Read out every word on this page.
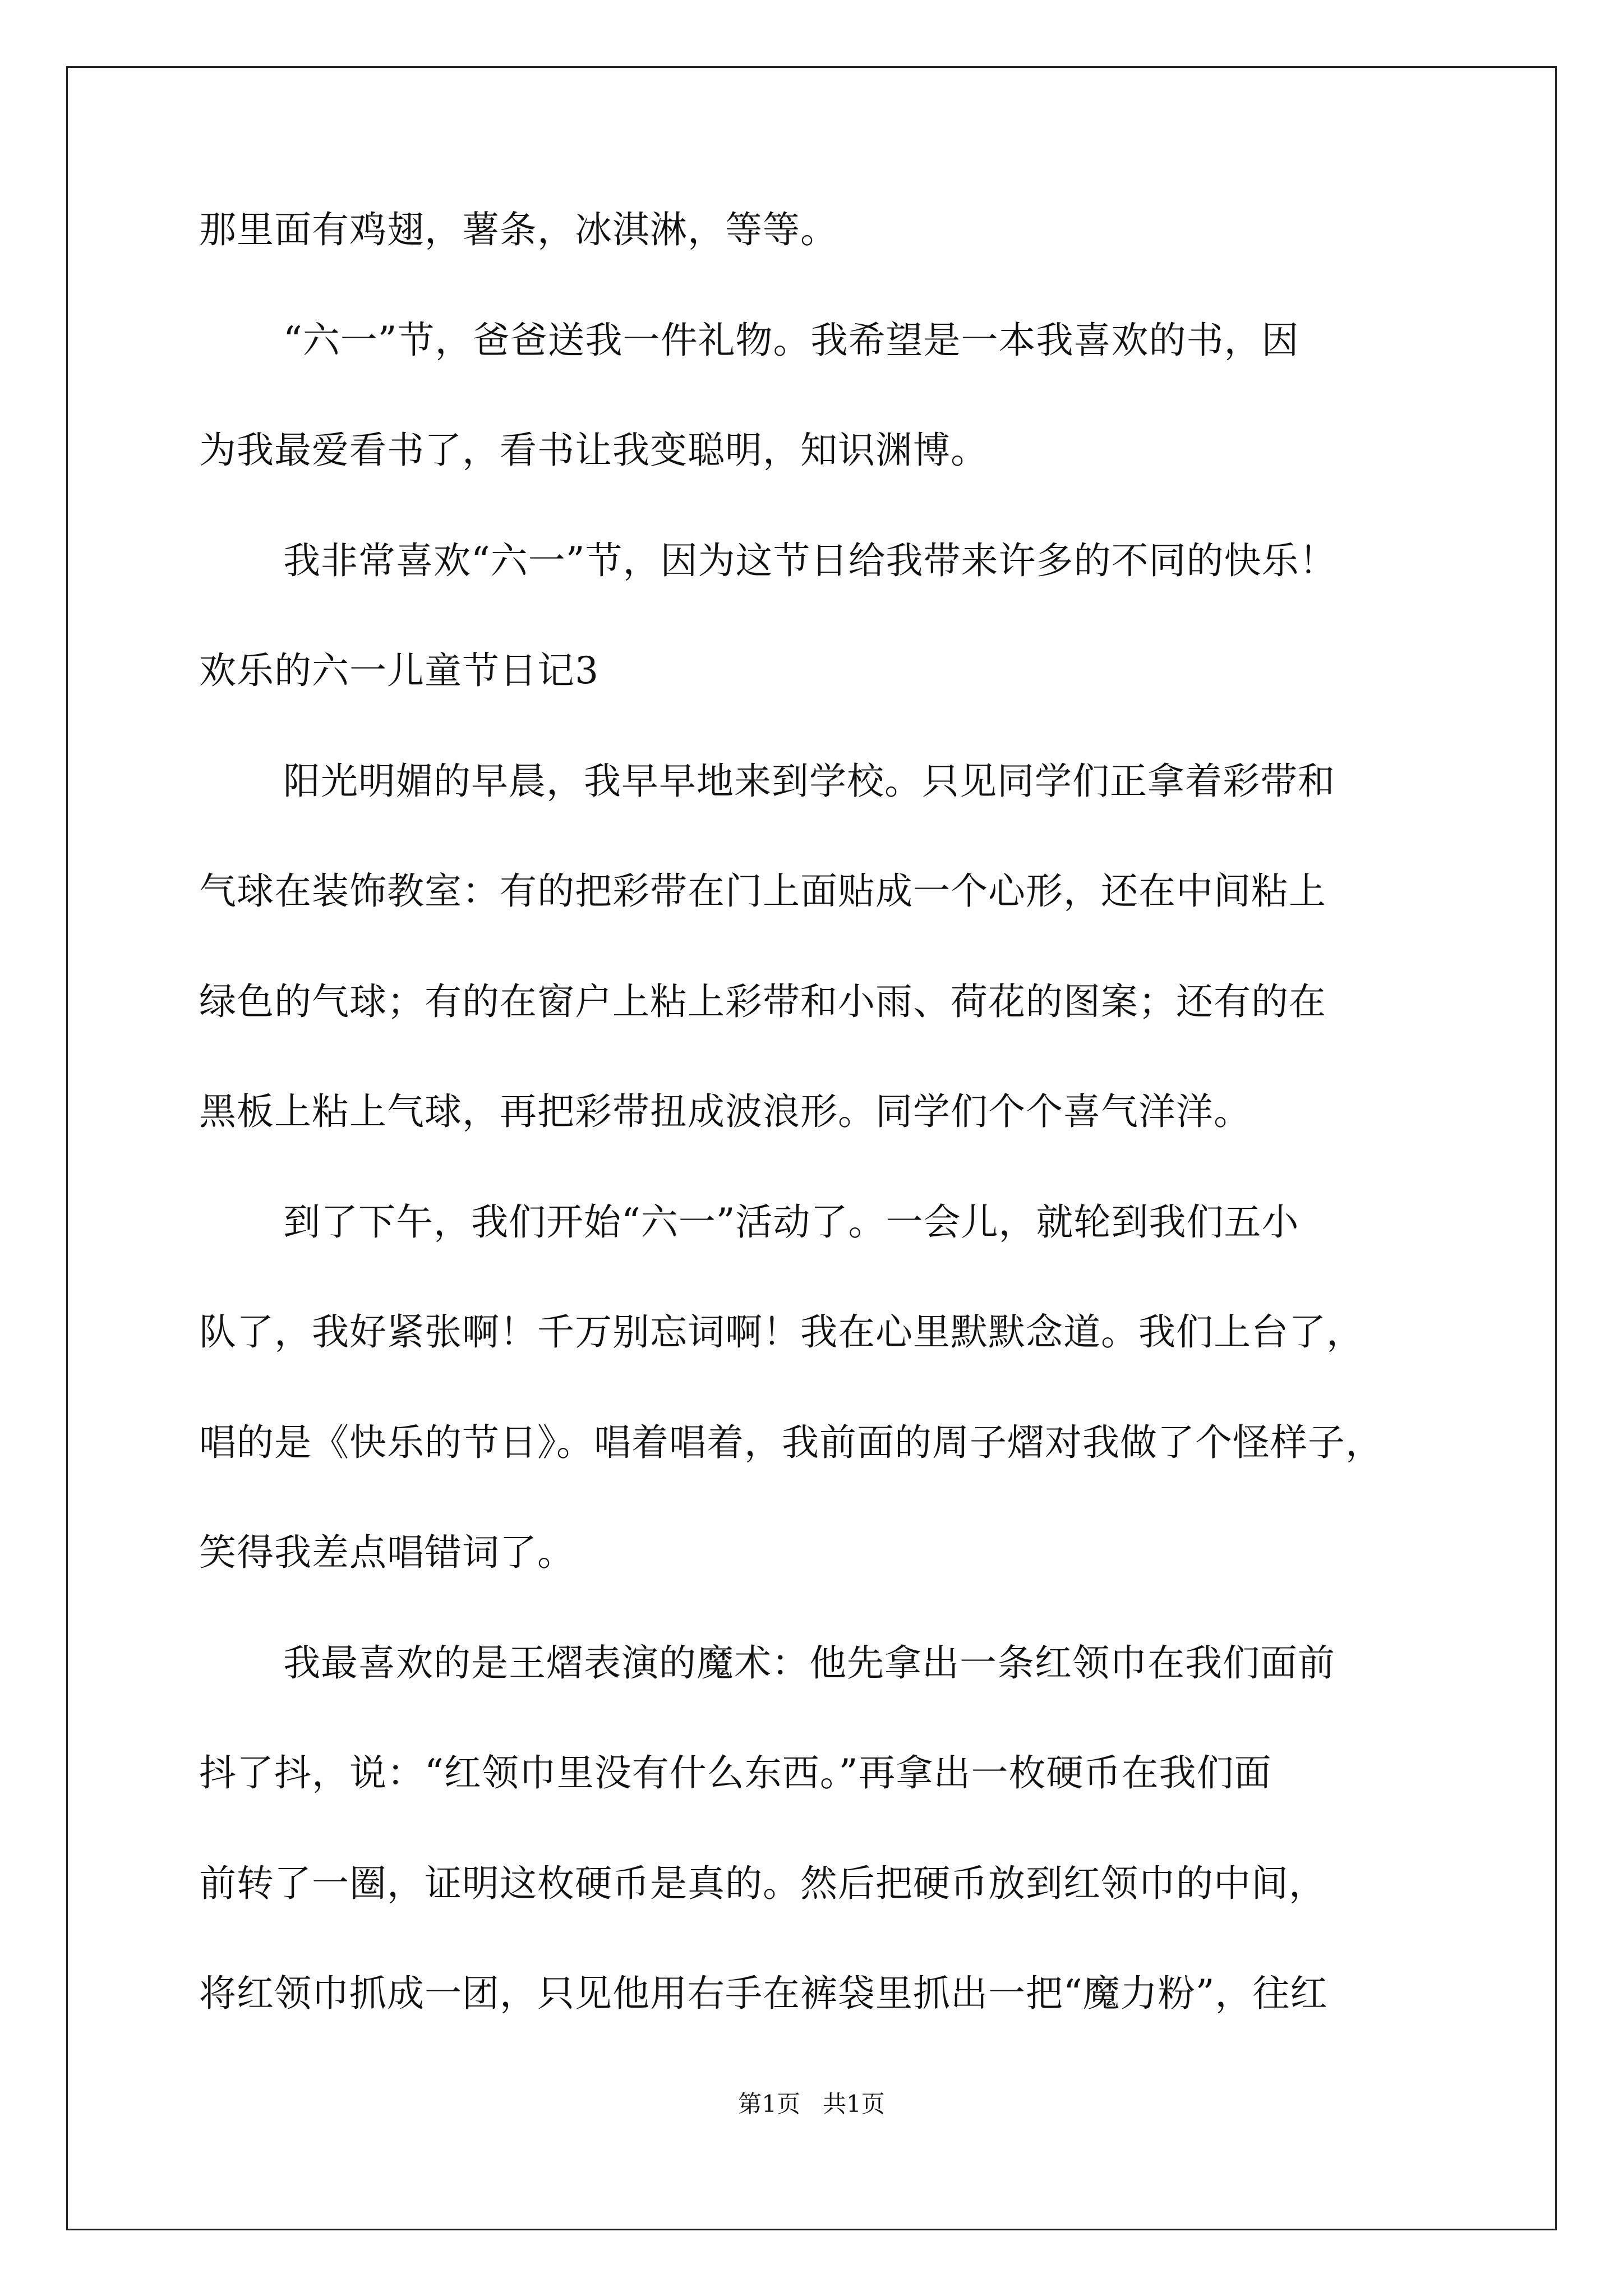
那里面有鸡翅，薯条，冰淇淋，等等。
“六一”节，爸爸送我一件礼物。我希望是一本我喜欢的书，因
为我最爱看书了，看书让我变聪明，知识渊博。
我非常喜欢“六一”节，因为这节日给我带来许多的不同的快乐！
欢乐的六一儿童节日记3
阳光明媚的早晨，我早早地来到学校。只见同学们正拿着彩带和
气球在装饰教室：有的把彩带在门上面贴成一个心形，还在中间粘上
绿色的气球；有的在窗户上粘上彩带和小雨、荷花的图案；还有的在
黑板上粘上气球，再把彩带扭成波浪形。同学们个个喜气洋洋。
到了下午，我们开始“六一”活动了。一会儿，就轮到我们五小
队了，我好紧张啊！千万别忘词啊！我在心里默默念道。我们上台了，
唱的是《快乐的节日》。唱着唱着，我前面的周子熠对我做了个怪样子，
笑得我差点唱错词了。
我最喜欢的是王熠表演的魔术：他先拿出一条红领巾在我们面前
抖了抖，说：“红领巾里没有什么东西。”再拿出一枚硬币在我们面
前转了一圈，证明这枚硬币是真的。然后把硬币放到红领巾的中间，
将红领巾抓成一团，只见他用右手在裤袋里抓出一把“魔力粉”，往红
第1页 共1页
